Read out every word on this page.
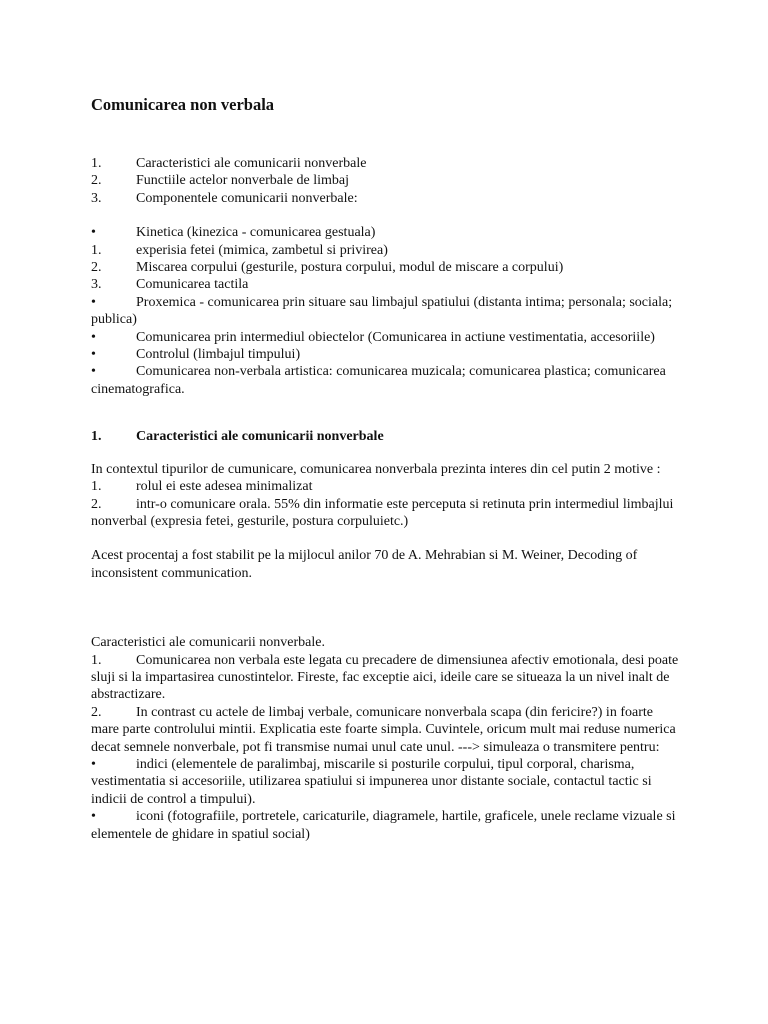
Comunicarea non verbala
1.	Caracteristici ale comunicarii nonverbale
2.	Functiile actelor nonverbale de limbaj
3.	Componentele comunicarii nonverbale:
•	Kinetica (kinezica - comunicarea gestuala)
1.	experisia fetei (mimica, zambetul si privirea)
2.	Miscarea corpului (gesturile, postura corpului, modul de miscare a corpului)
3.	Comunicarea tactila

•	Proxemica - comunicarea prin situare sau limbajul spatiului (distanta intima; personala; sociala; publica)

•	Comunicarea prin intermediul obiectelor (Comunicarea in actiune vestimentatia, accesoriile)

•	Controlul (limbajul timpului)

•	Comunicarea non-verbala artistica: comunicarea muzicala; comunicarea plastica; comunicarea cinematografica.

1.	Caracteristici ale comunicarii nonverbale

In contextul tipurilor de cumunicare, comunicarea nonverbala prezinta interes din cel putin 2 motive :

1.	rolul ei este adesea minimalizat

2. intr-o comunicare orala. 55% din informatie este perceputa si retinuta prin intermediul limbajlui nonverbal (expresia fetei, gesturile, postura corpuluietc.)

Acest procentaj a fost stabilit pe la mijlocul anilor 70 de A. Mehrabian si M. Weiner, Decoding of inconsistent communication.

Caracteristici ale comunicarii nonverbale.

1. Comunicarea non verbala este legata cu precadere de dimensiunea afectiv emotionala, desi poate sluji si la impartasirea cunostintelor. Fireste, fac exceptie aici, ideile care se situeaza la un nivel inalt de abstractizare.

2. In contrast cu actele de limbaj verbale, comunicare nonverbala scapa (din fericire?) in foarte mare parte controlului mintii. Explicatia este foarte simpla. Cuvintele, oricum mult mai reduse numerica decat semnele nonverbale, pot fi transmise numai unul cate unul. ---> simuleaza o transmitere pentru:

•	indici (elementele de paralimbaj, miscarile si posturile corpului, tipul corporal, charisma, vestimentatia si accesoriile, utilizarea spatiului si impunerea unor distante sociale, contactul tactic si indicii de control a timpului).

•	iconi (fotografiile, portretele, caricaturile, diagramele, hartile, graficele, unele reclame vizuale si elementele de ghidare in spatiul social)
